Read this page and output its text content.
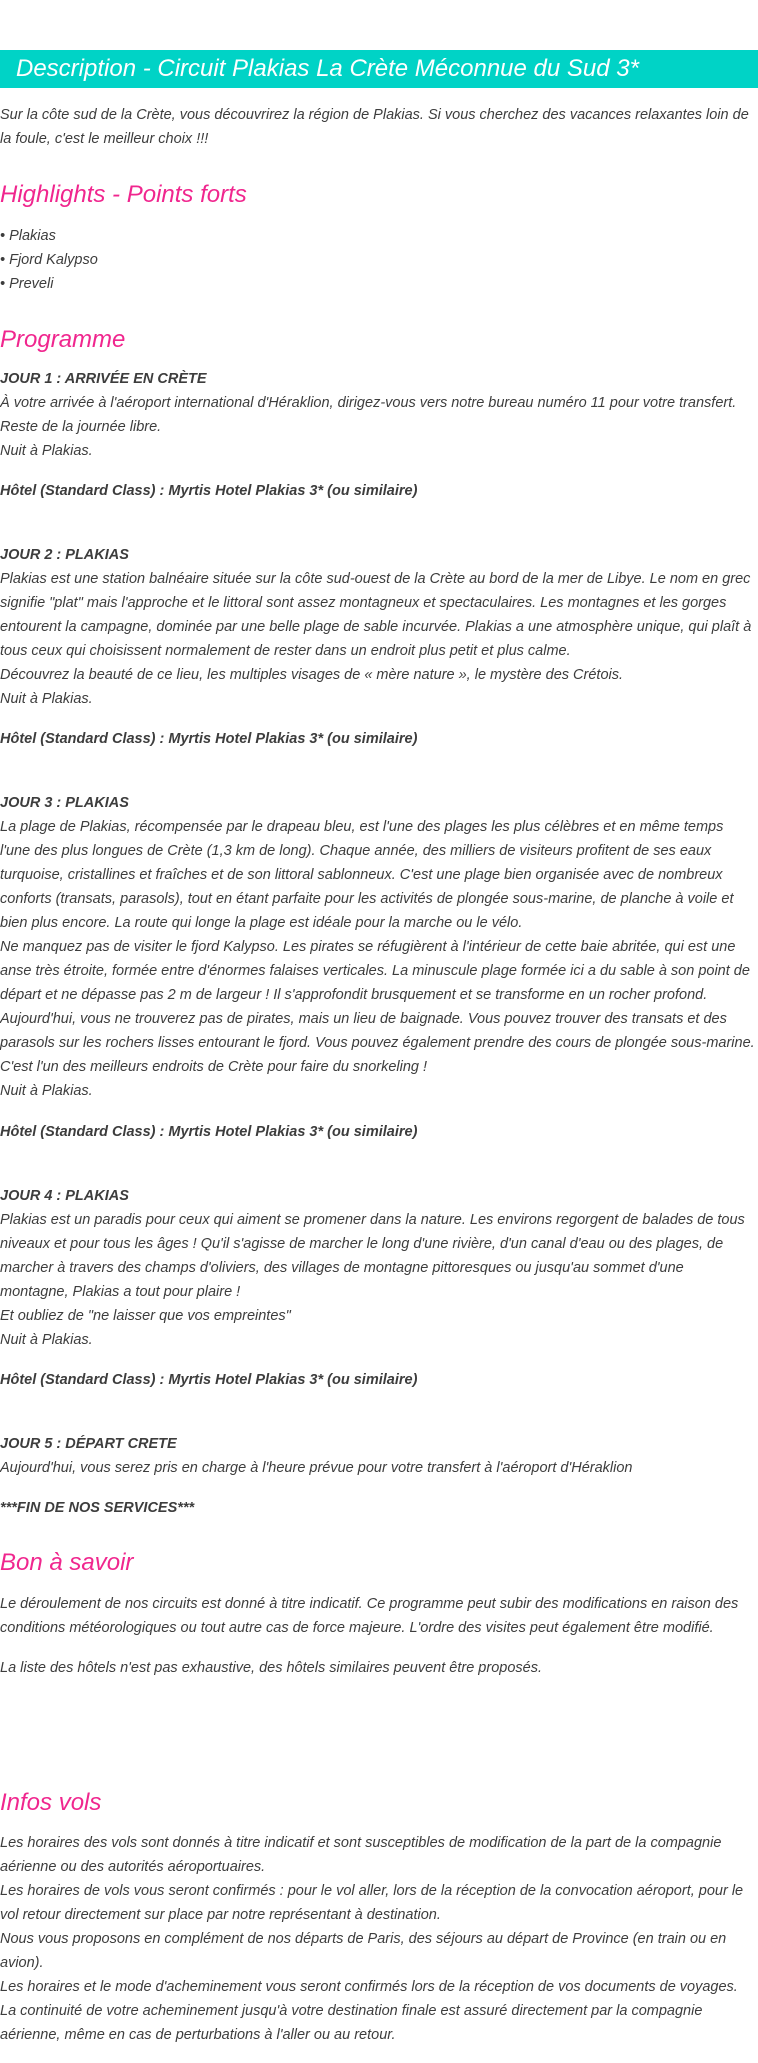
Description - Circuit Plakias La Crète Méconnue du Sud 3*

Sur la côte sud de la Crète, vous découvrirez la région de Plakias. Si vous cherchez des vacances relaxantes loin de la foule, c'est le meilleur choix !!!

Highlights - Points forts

• Plakias

• Fjord Kalypso

• Preveli

Programme

JOUR 1 : ARRIVÉE EN CRÈTE

À votre arrivée à l'aéroport international d'Héraklion, dirigez-vous vers notre bureau numéro 11 pour votre transfert.

Reste de la journée libre.

Nuit à Plakias.

Hôtel (Standard Class) : Myrtis Hotel Plakias 3* (ou similaire)

JOUR 2 : PLAKIAS

Plakias est une station balnéaire située sur la côte sud-ouest de la Crète au bord de la mer de Libye. Le nom en grec signifie "plat" mais l'approche et le littoral sont assez montagneux et spectaculaires. Les montagnes et les gorges entourent la campagne, dominée par une belle plage de sable incurvée. Plakias a une atmosphère unique, qui plaît à tous ceux qui choisissent normalement de rester dans un endroit plus petit et plus calme.

Découvrez la beauté de ce lieu, les multiples visages de « mère nature », le mystère des Crétois.

Nuit à Plakias.

Hôtel (Standard Class) : Myrtis Hotel Plakias 3* (ou similaire)

JOUR 3 : PLAKIAS

La plage de Plakias, récompensée par le drapeau bleu, est l'une des plages les plus célèbres et en même temps l'une des plus longues de Crète (1,3 km de long). Chaque année, des milliers de visiteurs profitent de ses eaux turquoise, cristallines et fraîches et de son littoral sablonneux. C'est une plage bien organisée avec de nombreux conforts (transats, parasols), tout en étant parfaite pour les activités de plongée sous-marine, de planche à voile et bien plus encore. La route qui longe la plage est idéale pour la marche ou le vélo.

Ne manquez pas de visiter le fjord Kalypso. Les pirates se réfugièrent à l'intérieur de cette baie abritée, qui est une anse très étroite, formée entre d'énormes falaises verticales. La minuscule plage formée ici a du sable à son point de départ et ne dépasse pas 2 m de largeur ! Il s'approfondit brusquement et se transforme en un rocher profond. Aujourd'hui, vous ne trouverez pas de pirates, mais un lieu de baignade. Vous pouvez trouver des transats et des parasols sur les rochers lisses entourant le fjord. Vous pouvez également prendre des cours de plongée sous-marine. C'est l'un des meilleurs endroits de Crète pour faire du snorkeling !

Nuit à Plakias.

Hôtel (Standard Class) : Myrtis Hotel Plakias 3* (ou similaire)

JOUR 4 : PLAKIAS

Plakias est un paradis pour ceux qui aiment se promener dans la nature. Les environs regorgent de balades de tous niveaux et pour tous les âges ! Qu'il s'agisse de marcher le long d'une rivière, d'un canal d'eau ou des plages, de marcher à travers des champs d'oliviers, des villages de montagne pittoresques ou jusqu'au sommet d'une montagne, Plakias a tout pour plaire !

Et oubliez de "ne laisser que vos empreintes"

Nuit à Plakias.

Hôtel (Standard Class) : Myrtis Hotel Plakias 3* (ou similaire)

JOUR 5 : DÉPART CRETE

Aujourd'hui, vous serez pris en charge à l'heure prévue pour votre transfert à l'aéroport d'Héraklion

***FIN DE NOS SERVICES***

Bon à savoir

Le déroulement de nos circuits est donné à titre indicatif. Ce programme peut subir des modifications en raison des conditions météorologiques ou tout autre cas de force majeure. L'ordre des visites peut également être modifié.

La liste des hôtels n'est pas exhaustive, des hôtels similaires peuvent être proposés.

Infos vols

Les horaires des vols sont donnés à titre indicatif et sont susceptibles de modification de la part de la compagnie aérienne ou des autorités aéroportuaires.

Les horaires de vols vous seront confirmés : pour le vol aller, lors de la réception de la convocation aéroport, pour le vol retour directement sur place par notre représentant à destination.

Nous vous proposons en complément de nos départs de Paris, des séjours au départ de Province (en train ou en avion).

Les horaires et le mode d'acheminement vous seront confirmés lors de la réception de vos documents de voyages.

La continuité de votre acheminement jusqu'à votre destination finale est assuré directement par la compagnie aérienne, même en cas de perturbations à l'aller ou au retour.
